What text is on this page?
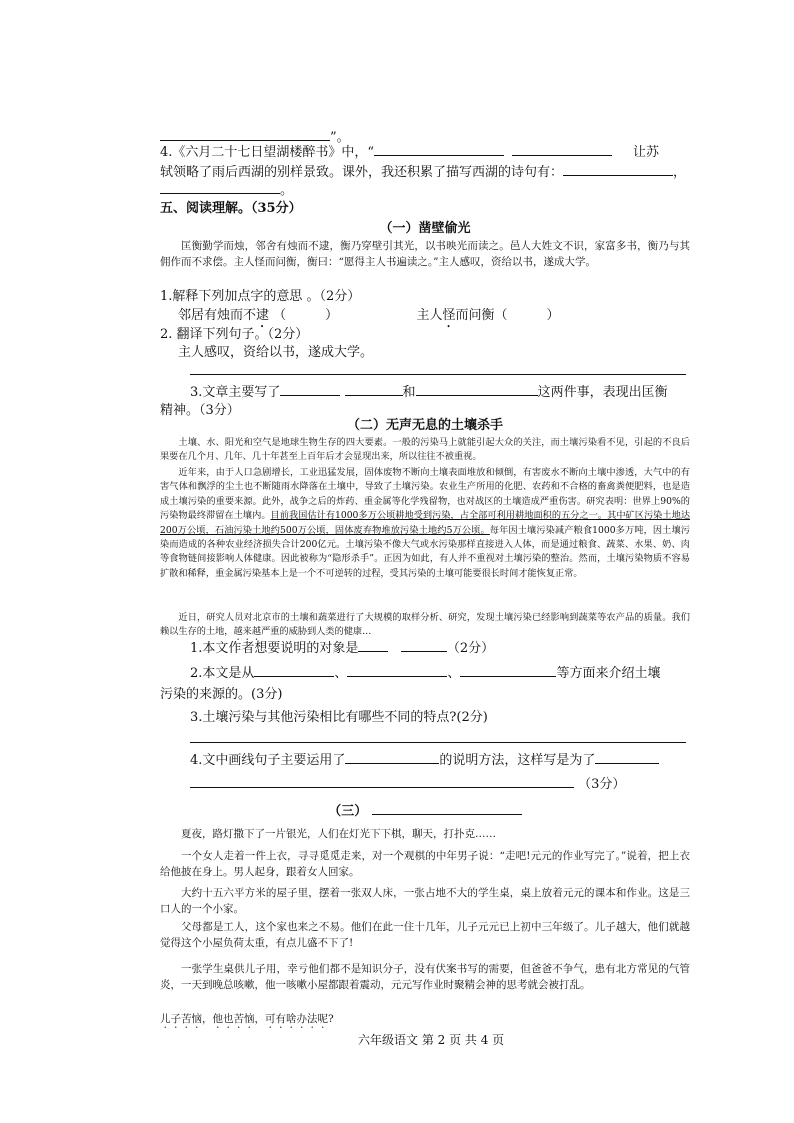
”。
4.《六月二十七日望湖楼醉书》中，“	让苏
轼领略了雨后西湖的别样景致。课外，我还积累了描写西湖的诗句有：	，
。
五、阅读理解。（35分）
（一）凿壁偷光
匡衡勤学而烛，邻舍有烛而不逮，衡乃穿壁引其光，以书映光而读之。邑人大姓文不识，家富多书，衡乃与其佣作而不求偿。主人怪而问衡，衡曰：“愿得主人书遍读之。”主人感叹，资给以书，遂成大学。
1.解释下列加点字的意思 。（2分）
邻居有烛而不逮 （　　　）	主人怪而问衡（　　　）
2. 翻译下列句子。（2分）
主人感叹，资给以书，遂成大学。
3.文章主要写了	和	这两件事，表现出匡衡
精神。（3分）
（二）无声无息的土壤杀手
土壤、水、阳光和空气是地球生物生存的四大要素。一般的污染马上就能引起大众的关注，而土壤污染看不见，引起的不良后果要在几个月、几年、几十年甚至上百年后才会显现出来，所以往往不被重视。
近年来，由于人口急剧增长，工业迅猛发展，固体废物不断向土壤表面堆放和倾倒，有害废水不断向土壤中渗透，大气中的有害气体和飘浮的尘土也不断随雨水降落在土壤中，导致了土壤污染。农业生产所用的化肥、农药和不合格的畜禽粪便肥料，也是造成土壤污染的重要来源。此外，战争之后的炸药、重金属等化学残留物，也对战区的土壤造成严重伤害。研究表明：世界上90%的污染物最终滞留在土壤内。目前我国估计有1000多万公顷耕地受到污染，占全部可利用耕地面积的五分之一。其中矿区污染土地达200万公顷，石油污染土地约500万公顷，固体废弃物堆放污染土地约5万公顷。每年因土壤污染减产粮食1000多万吨，因土壤污染而造成的各种农业经济损失合计200亿元。土壤污染不像大气或水污染那样直接进入人体，而是通过粮食、蔬菜、水果、奶、肉等食物链间接影响人体健康。因此被称为“隐形杀手”。正因为如此，有人并不重视对土壤污染的整治。然而，土壤污染物质不容易扩散和稀释，重金属污染基本上是一个不可逆转的过程，受其污染的土壤可能要很长时间才能恢复正常。
近日，研究人员对北京市的土壤和蔬菜进行了大规模的取样分析、研究，发现土壤污染已经影响到蔬菜等农产品的质量。我们赖以生存的土地，越来越严重的威胁到人类的健康…
1.本文作者想要说明的对象是	（2分）
2.本文是从	、	、	等方面来介绍土壤
污染的来源的。(3分)
3.土壤污染与其他污染相比有哪些不同的特点?(2分)
4.文中画线句子主要运用了	的说明方法，这样写是为了
（3分）
（三）
夏夜，路灯撒下了一片银光，人们在灯光下下棋，聊天，打扑克……
一个女人走着一件上衣，寻寻觅觅走来，对一个观棋的中年男子说：“走吧!元元的作业写完了。”说着，把上衣给他披在身上。男人起身，跟着女人回家。
大约十五六平方米的屋子里，摆着一张双人床，一张占地不大的学生桌，桌上放着元元的课本和作业。这是三口人的一个小家。
父母都是工人，这个家也来之不易。他们在此一住十几年，儿子元元已上初中三年级了。儿子越大，他们就越觉得这个小屋负荷太重，有点儿盛不下了!
一张学生桌供儿子用，幸亏他们都不是知识分子，没有伏案书写的需要，但爸爸不争气，患有北方常见的气管炎，一天到晚总咳嗽，他一咳嗽小屋都跟着震动，元元写作业时聚精会神的思考就会被打乱。
儿子苦恼，他也苦恼，可有啥办法呢?
六年级语文 第 2 页 共 4 页
